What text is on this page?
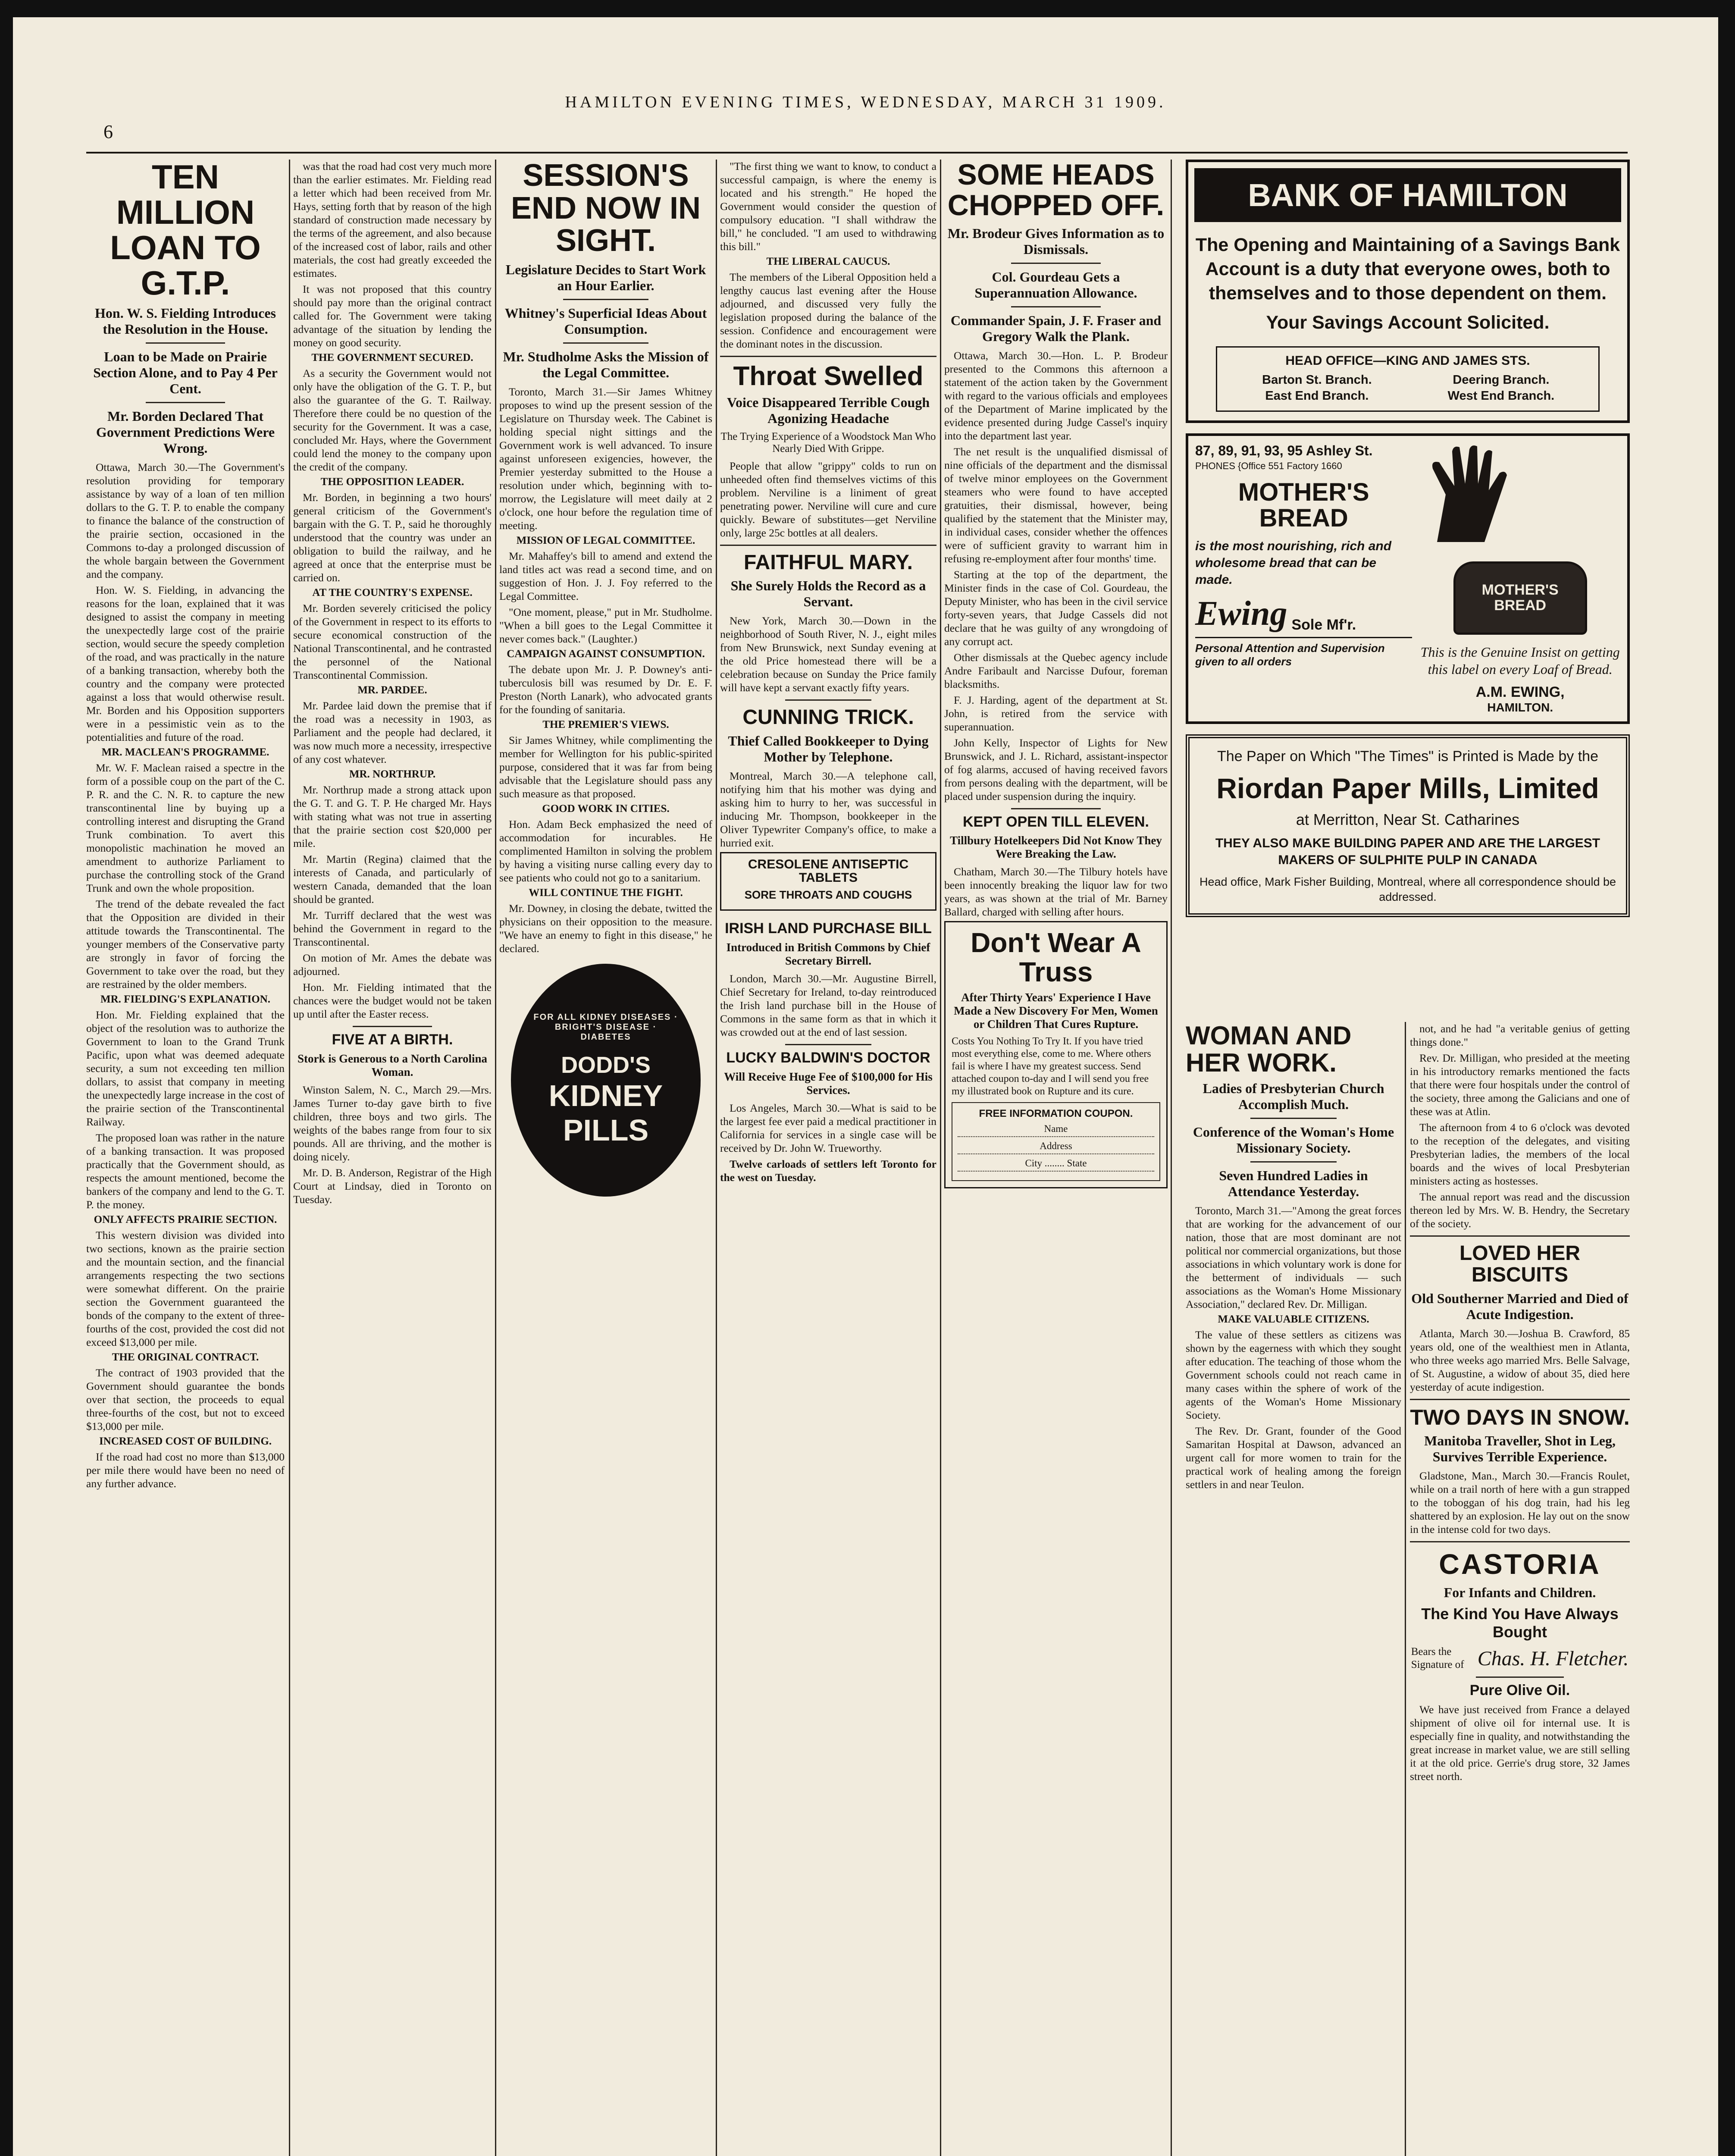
HAMILTON EVENING TIMES, WEDNESDAY, MARCH 31 1909.
6
TEN MILLION LOAN TO G.T.P.
Hon. W. S. Fielding Introduces the Resolution in the House.
Loan to be Made on Prairie Section Alone, and to Pay 4 Per Cent.
Mr. Borden Declared That Government Predictions Were Wrong.

Ottawa, March 30.—The Government's resolution providing for temporary assistance by way of a loan of ten million dollars to the G. T. P. to enable the company to finance the balance of the construction of the prairie section, occasioned in the Commons to-day a prolonged discussion of the whole bargain between the Government and the company.

Hon. W. S. Fielding, in advancing the reasons for the loan, explained that it was designed to assist the company in meeting the unexpectedly large cost of the prairie section, would secure the speedy completion of the road, and was practically in the nature of a banking transaction, whereby both the country and the company were protected against a loss that would otherwise result. Mr. Borden and his Opposition supporters were in a pessimistic vein as to the potentialities and future of the road.

MR. MACLEAN'S PROGRAMME.

Mr. W. F. Maclean raised a spectre in the form of a possible coup on the part of the C. P. R. and the C. N. R. to capture the new transcontinental line by buying up a controlling interest and disrupting the Grand Trunk combination. To avert this monopolistic machination he moved an amendment to authorize Parliament to purchase the controlling stock of the Grand Trunk and own the whole proposition.

The trend of the debate revealed the fact that the Opposition are divided in their attitude towards the Transcontinental. The younger members of the Conservative party are strongly in favor of forcing the Government to take over the road, but they are restrained by the older members.

MR. FIELDING'S EXPLANATION.

Hon. Mr. Fielding explained that the object of the resolution was to authorize the Government to loan to the Grand Trunk Pacific, upon what was deemed adequate security, a sum not exceeding ten million dollars, to assist that company in meeting the unexpectedly large increase in the cost of the prairie section of the Transcontinental Railway.

The proposed loan was rather in the nature of a banking transaction. It was proposed practically that the Government should, as respects the amount mentioned, become the bankers of the company and lend to the G. T. P. the money.

ONLY AFFECTS PRAIRIE SECTION.

This western division was divided into two sections, known as the prairie section and the mountain section, and the financial arrangements respecting the two sections were somewhat different. On the prairie section the Government guaranteed the bonds of the company to the extent of three-fourths of the cost, provided the cost did not exceed $13,000 per mile.

THE ORIGINAL CONTRACT.

The contract of 1903 provided that the Government should guarantee the bonds over that section, the proceeds to equal three-fourths of the cost, but not to exceed $13,000 per mile.

INCREASED COST OF BUILDING.

If the road had cost no more than $13,000 per mile there would have been no need of any further advance.

was that the road had cost very much more than the earlier estimates. Mr. Fielding read a letter which had been received from Mr. Hays, setting forth that by reason of the high standard of construction made necessary by the terms of the agreement, and also because of the increased cost of labor, rails and other materials, the cost had greatly exceeded the estimates.

It was not proposed that this country should pay more than the original contract called for. The Government were taking advantage of the situation by lending the money on good security.

THE GOVERNMENT SECURED.

As a security the Government would not only have the obligation of the G. T. P., but also the guarantee of the G. T. Railway. Therefore there could be no question of the security for the Government. It was a case, concluded Mr. Hays, where the Government could lend the money to the company upon the credit of the company.

THE OPPOSITION LEADER.

Mr. Borden, in beginning a two hours' general criticism of the Government's bargain with the G. T. P., said he thoroughly understood that the country was under an obligation to build the railway, and he agreed at once that the enterprise must be carried on.

AT THE COUNTRY'S EXPENSE.

Mr. Borden severely criticised the policy of the Government in respect to its efforts to secure economical construction of the National Transcontinental, and he contrasted the personnel of the National Transcontinental Commission.

MR. PARDEE.

Mr. Pardee laid down the premise that if the road was a necessity in 1903, as Parliament and the people had declared, it was now much more a necessity, irrespective of any cost whatever.

MR. NORTHRUP.

Mr. Northrup made a strong attack upon the G. T. and G. T. P. He charged Mr. Hays with stating what was not true in asserting that the prairie section cost $20,000 per mile.

Mr. Martin (Regina) claimed that the interests of Canada, and particularly of western Canada, demanded that the loan should be granted.

Mr. Turriff declared that the west was behind the Government in regard to the Transcontinental.

On motion of Mr. Ames the debate was adjourned.

Hon. Mr. Fielding intimated that the chances were the budget would not be taken up until after the Easter recess.

FIVE AT A BIRTH.
Stork is Generous to a North Carolina Woman.

Winston Salem, N. C., March 29.—Mrs. James Turner to-day gave birth to five children, three boys and two girls. The weights of the babes range from four to six pounds. All are thriving, and the mother is doing nicely.

Mr. D. B. Anderson, Registrar of the High Court at Lindsay, died in Toronto on Tuesday.

SESSION'S END NOW IN SIGHT.
Legislature Decides to Start Work an Hour Earlier.
Whitney's Superficial Ideas About Consumption.
Mr. Studholme Asks the Mission of the Legal Committee.

Toronto, March 31.—Sir James Whitney proposes to wind up the present session of the Legislature on Thursday week. The Cabinet is holding special night sittings and the Government work is well advanced. To insure against unforeseen exigencies, however, the Premier yesterday submitted to the House a resolution under which, beginning with to-morrow, the Legislature will meet daily at 2 o'clock, one hour before the regulation time of meeting.

MISSION OF LEGAL COMMITTEE.

Mr. Mahaffey's bill to amend and extend the land titles act was read a second time, and on suggestion of Hon. J. J. Foy referred to the Legal Committee.

"One moment, please," put in Mr. Studholme. "When a bill goes to the Legal Committee it never comes back." (Laughter.)

CAMPAIGN AGAINST CONSUMPTION.

The debate upon Mr. J. P. Downey's anti-tuberculosis bill was resumed by Dr. E. F. Preston (North Lanark), who advocated grants for the founding of sanitaria.

THE PREMIER'S VIEWS.

Sir James Whitney, while complimenting the member for Wellington for his public-spirited purpose, considered that it was far from being advisable that the Legislature should pass any such measure as that proposed.

GOOD WORK IN CITIES.

Hon. Adam Beck emphasized the need of accommodation for incurables. He complimented Hamilton in solving the problem by having a visiting nurse calling every day to see patients who could not go to a sanitarium.

WILL CONTINUE THE FIGHT.

Mr. Downey, in closing the debate, twitted the physicians on their opposition to the measure. "We have an enemy to fight in this disease," he declared.

FOR ALL KIDNEY DISEASES · BRIGHT'S DISEASE · DIABETES
DODD'S
KIDNEY
PILLS

"The first thing we want to know, to conduct a successful campaign, is where the enemy is located and his strength." He hoped the Government would consider the question of compulsory education. "I shall withdraw the bill," he concluded. "I am used to withdrawing this bill."

THE LIBERAL CAUCUS.

The members of the Liberal Opposition held a lengthy caucus last evening after the House adjourned, and discussed very fully the legislation proposed during the balance of the session. Confidence and encouragement were the dominant notes in the discussion.

Throat Swelled
Voice Disappeared Terrible Cough Agonizing Headache
The Trying Experience of a Woodstock Man Who Nearly Died With Grippe.

People that allow "grippy" colds to run on unheeded often find themselves victims of this problem. Nerviline is a liniment of great penetrating power. Nerviline will cure and cure quickly. Beware of substitutes—get Nerviline only, large 25c bottles at all dealers.

FAITHFUL MARY.
She Surely Holds the Record as a Servant.

New York, March 30.—Down in the neighborhood of South River, N. J., eight miles from New Brunswick, next Sunday evening at the old Price homestead there will be a celebration because on Sunday the Price family will have kept a servant exactly fifty years.

CUNNING TRICK.
Thief Called Bookkeeper to Dying Mother by Telephone.

Montreal, March 30.—A telephone call, notifying him that his mother was dying and asking him to hurry to her, was successful in inducing Mr. Thompson, bookkeeper in the Oliver Typewriter Company's office, to make a hurried exit.

CRESOLENE ANTISEPTIC TABLETS
SORE THROATS AND COUGHS
IRISH LAND PURCHASE BILL
Introduced in British Commons by Chief Secretary Birrell.

London, March 30.—Mr. Augustine Birrell, Chief Secretary for Ireland, to-day reintroduced the Irish land purchase bill in the House of Commons in the same form as that in which it was crowded out at the end of last session.

LUCKY BALDWIN'S DOCTOR
Will Receive Huge Fee of $100,000 for His Services.

Los Angeles, March 30.—What is said to be the largest fee ever paid a medical practitioner in California for services in a single case will be received by Dr. John W. Trueworthy.

Twelve carloads of settlers left Toronto for the west on Tuesday.

SOME HEADS CHOPPED OFF.
Mr. Brodeur Gives Information as to Dismissals.
Col. Gourdeau Gets a Superannuation Allowance.
Commander Spain, J. F. Fraser and Gregory Walk the Plank.

Ottawa, March 30.—Hon. L. P. Brodeur presented to the Commons this afternoon a statement of the action taken by the Government with regard to the various officials and employees of the Department of Marine implicated by the evidence presented during Judge Cassel's inquiry into the department last year.

The net result is the unqualified dismissal of nine officials of the department and the dismissal of twelve minor employees on the Government steamers who were found to have accepted gratuities, their dismissal, however, being qualified by the statement that the Minister may, in individual cases, consider whether the offences were of sufficient gravity to warrant him in refusing re-employment after four months' time.

Starting at the top of the department, the Minister finds in the case of Col. Gourdeau, the Deputy Minister, who has been in the civil service forty-seven years, that Judge Cassels did not declare that he was guilty of any wrongdoing of any corrupt act.

Other dismissals at the Quebec agency include Andre Faribault and Narcisse Dufour, foreman blacksmiths.

F. J. Harding, agent of the department at St. John, is retired from the service with superannuation.

John Kelly, Inspector of Lights for New Brunswick, and J. L. Richard, assistant-inspector of fog alarms, accused of having received favors from persons dealing with the department, will be placed under suspension during the inquiry.

KEPT OPEN TILL ELEVEN.
Tillbury Hotelkeepers Did Not Know They Were Breaking the Law.

Chatham, March 30.—The Tilbury hotels have been innocently breaking the liquor law for two years, as was shown at the trial of Mr. Barney Ballard, charged with selling after hours.

Don't Wear A Truss
After Thirty Years' Experience I Have Made a New Discovery For Men, Women or Children That Cures Rupture.

Costs You Nothing To Try It. If you have tried most everything else, come to me. Where others fail is where I have my greatest success. Send attached coupon to-day and I will send you free my illustrated book on Rupture and its cure.

FREE INFORMATION COUPON.
Name
Address
City ........ State
BANK OF HAMILTON
The Opening and Maintaining of a Savings Bank Account is a duty that everyone owes, both to themselves and to those dependent on them.
Your Savings Account Solicited.
HEAD OFFICE—KING AND JAMES STS.
Barton St. Branch.	Deering Branch.
East End Branch.	West End Branch.
87, 89, 91, 93, 95 Ashley St.
PHONES {Office 551 Factory 1660
MOTHER'S BREAD
is the most nourishing, rich and wholesome bread that can be made.
Ewing Sole Mf'r.
Personal Attention and Supervision given to all orders
MOTHER'S BREAD
This is the Genuine Insist on getting this label on every Loaf of Bread.
A.M. EWING,
HAMILTON.
The Paper on Which "The Times" is Printed is Made by the
Riordan Paper Mills, Limited
at Merritton, Near St. Catharines
THEY ALSO MAKE BUILDING PAPER AND ARE THE LARGEST MAKERS OF SULPHITE PULP IN CANADA
Head office, Mark Fisher Building, Montreal, where all correspondence should be addressed.
WOMAN AND HER WORK.
Ladies of Presbyterian Church Accomplish Much.
Conference of the Woman's Home Missionary Society.
Seven Hundred Ladies in Attendance Yesterday.

Toronto, March 31.—"Among the great forces that are working for the advancement of our nation, those that are most dominant are not political nor commercial organizations, but those associations in which voluntary work is done for the betterment of individuals — such associations as the Woman's Home Missionary Association," declared Rev. Dr. Milligan.

MAKE VALUABLE CITIZENS.

The value of these settlers as citizens was shown by the eagerness with which they sought after education. The teaching of those whom the Government schools could not reach came in many cases within the sphere of work of the agents of the Woman's Home Missionary Society.

The Rev. Dr. Grant, founder of the Good Samaritan Hospital at Dawson, advanced an urgent call for more women to train for the practical work of healing among the foreign settlers in and near Teulon.

not, and he had "a veritable genius of getting things done."

Rev. Dr. Milligan, who presided at the meeting in his introductory remarks mentioned the facts that there were four hospitals under the control of the society, three among the Galicians and one of these was at Atlin.

The afternoon from 4 to 6 o'clock was devoted to the reception of the delegates, and visiting Presbyterian ladies, the members of the local boards and the wives of local Presbyterian ministers acting as hostesses.

The annual report was read and the discussion thereon led by Mrs. W. B. Hendry, the Secretary of the society.

LOVED HER BISCUITS
Old Southerner Married and Died of Acute Indigestion.

Atlanta, March 30.—Joshua B. Crawford, 85 years old, one of the wealthiest men in Atlanta, who three weeks ago married Mrs. Belle Salvage, of St. Augustine, a widow of about 35, died here yesterday of acute indigestion.

TWO DAYS IN SNOW.
Manitoba Traveller, Shot in Leg, Survives Terrible Experience.

Gladstone, Man., March 30.—Francis Roulet, while on a trail north of here with a gun strapped to the toboggan of his dog train, had his leg shattered by an explosion. He lay out on the snow in the intense cold for two days.

CASTORIA
For Infants and Children.
The Kind You Have Always Bought
Bears the Signature of Chas. H. Fletcher.
Pure Olive Oil.

We have just received from France a delayed shipment of olive oil for internal use. It is especially fine in quality, and notwithstanding the great increase in market value, we are still selling it at the old price. Gerrie's drug store, 32 James street north.
